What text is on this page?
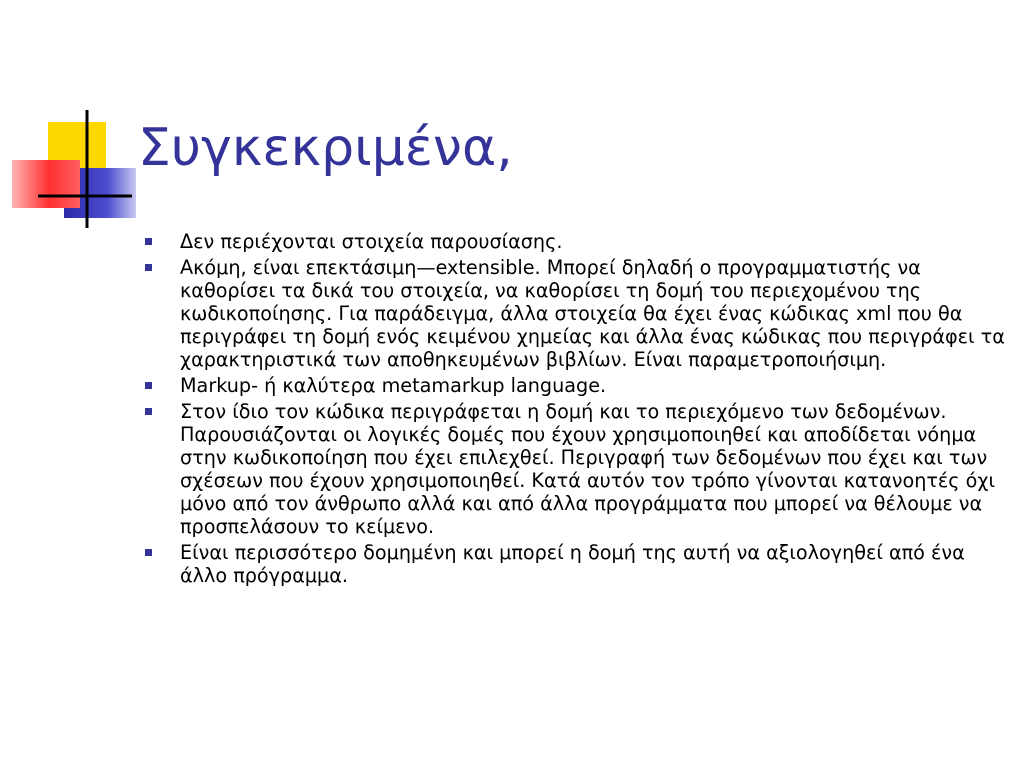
Συγκεκριμένα,
Δεν περιέχονται στοιχεία παρουσίασης.
Ακόμη, είναι επεκτάσιμη—extensible. Μπορεί δηλαδή ο προγραμματιστής να καθορίσει τα δικά του στοιχεία, να καθορίσει τη δομή του περιεχομένου της κωδικοποίησης. Για παράδειγμα, άλλα στοιχεία θα έχει ένας κώδικας xml που θα περιγράφει τη δομή ενός κειμένου χημείας και άλλα ένας κώδικας που περιγράφει τα χαρακτηριστικά των αποθηκευμένων βιβλίων. Είναι παραμετροποιήσιμη.
Markup- ή καλύτερα metamarkup language.
Στον ίδιο τον κώδικα περιγράφεται η δομή και το περιεχόμενο των δεδομένων. Παρουσιάζονται οι λογικές δομές που έχουν χρησιμοποιηθεί και αποδίδεται νόημα στην κωδικοποίηση που έχει επιλεχθεί. Περιγραφή των δεδομένων που έχει και των σχέσεων που έχουν χρησιμοποιηθεί. Κατά αυτόν τον τρόπο γίνονται κατανοητές όχι μόνο από τον άνθρωπο αλλά και από άλλα προγράμματα που μπορεί να θέλουμε να προσπελάσουν το κείμενο.
Είναι περισσότερο δομημένη και μπορεί η δομή της αυτή να αξιολογηθεί από ένα άλλο πρόγραμμα.
